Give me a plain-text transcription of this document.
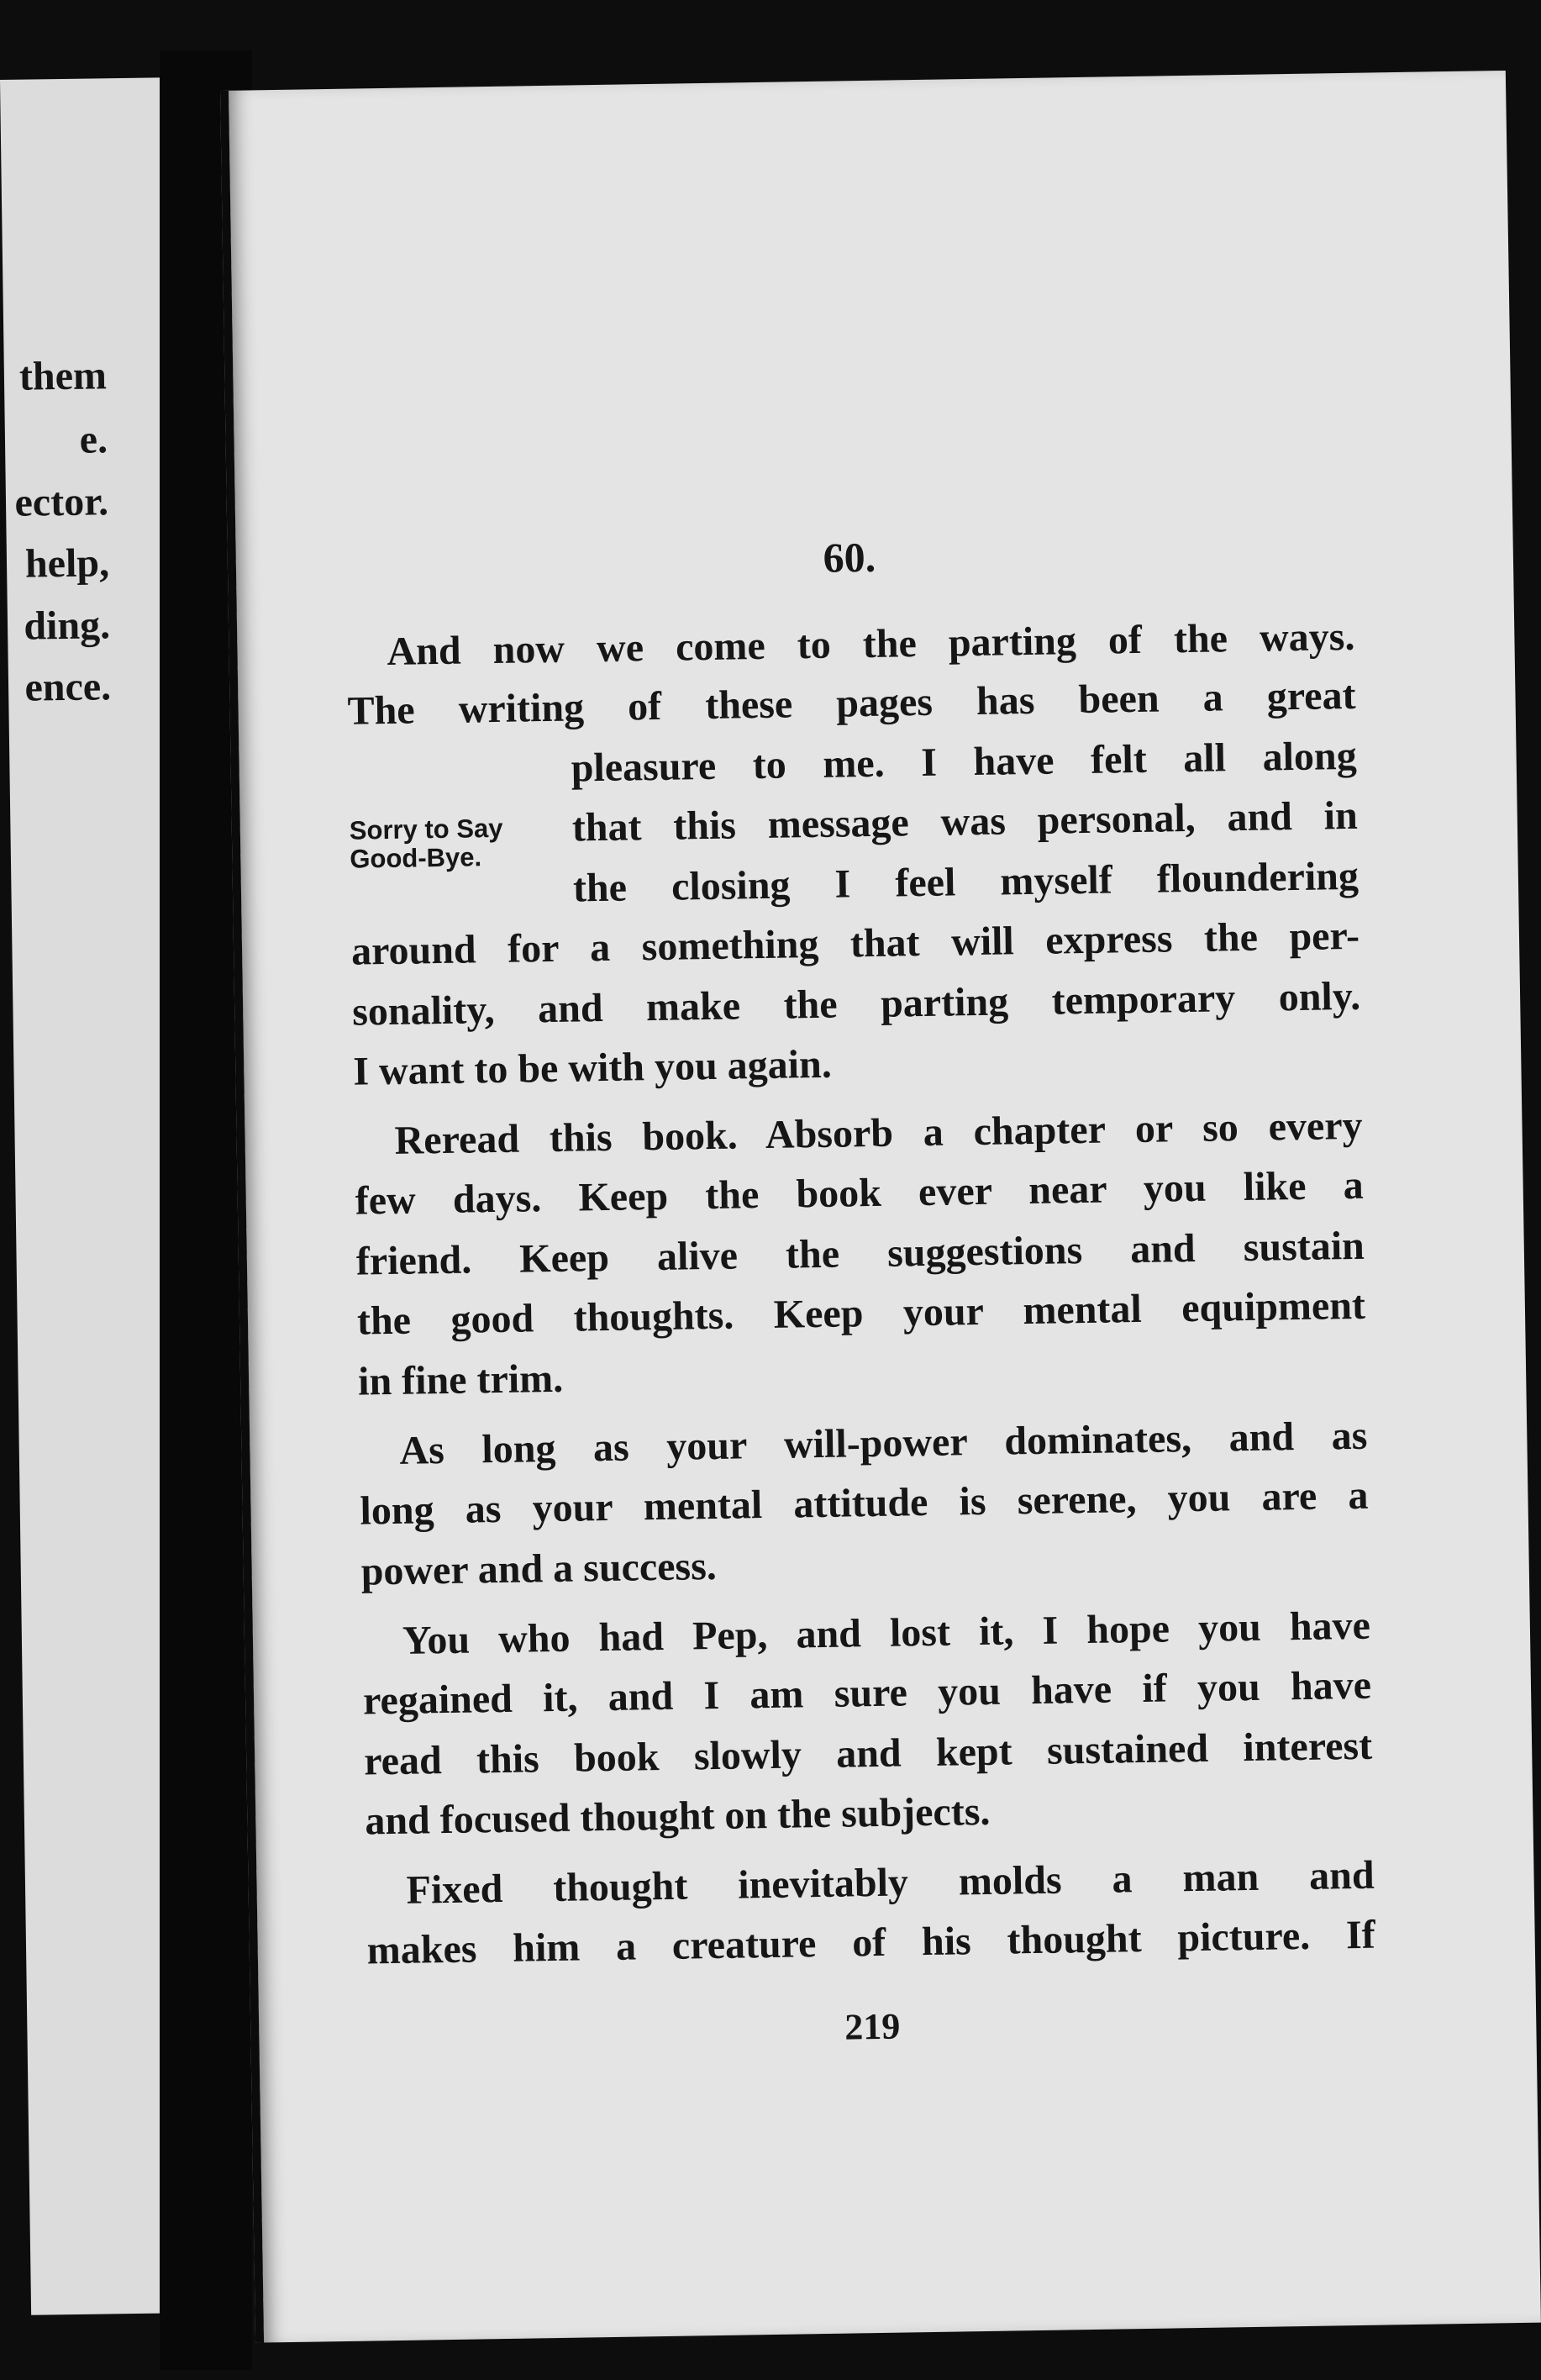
them
e.
ector.
help,
ding.
ence.
60.
Sorry to Say
Good-Bye.
And now we come to the parting of the ways.
The writing of these pages has been a great
pleasure to me. I have felt all along
that this message was personal, and in
the closing I feel myself floundering
around for a something that will express the per-
sonality, and make the parting temporary only.
I want to be with you again.
Reread this book. Absorb a chapter or so every
few days. Keep the book ever near you like a
friend. Keep alive the suggestions and sustain
the good thoughts. Keep your mental equipment
in fine trim.
As long as your will-power dominates, and as
long as your mental attitude is serene, you are a
power and a success.
You who had Pep, and lost it, I hope you have
regained it, and I am sure you have if you have
read this book slowly and kept sustained interest
and focused thought on the subjects.
Fixed thought inevitably molds a man and
makes him a creature of his thought picture. If
219
